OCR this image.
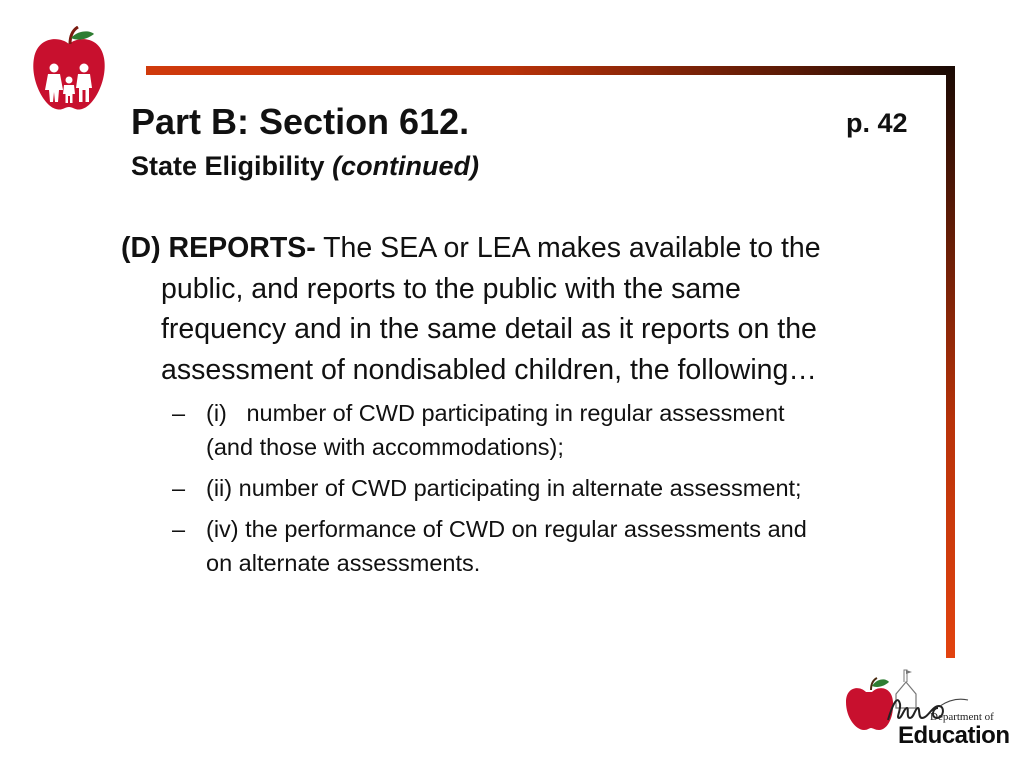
Part B: Section 612.	p. 42
State Eligibility (continued)

(D) REPORTS- The SEA or LEA makes available to the public, and reports to the public with the same frequency and in the same detail as it reports on the assessment of nondisabled children, the following…

– (i)   number of CWD participating in regular assessment (and those with accommodations);
– (ii) number of CWD participating in alternate assessment;
– (iv) the performance of CWD on regular assessments and on alternate assessments.
Department of
Education
